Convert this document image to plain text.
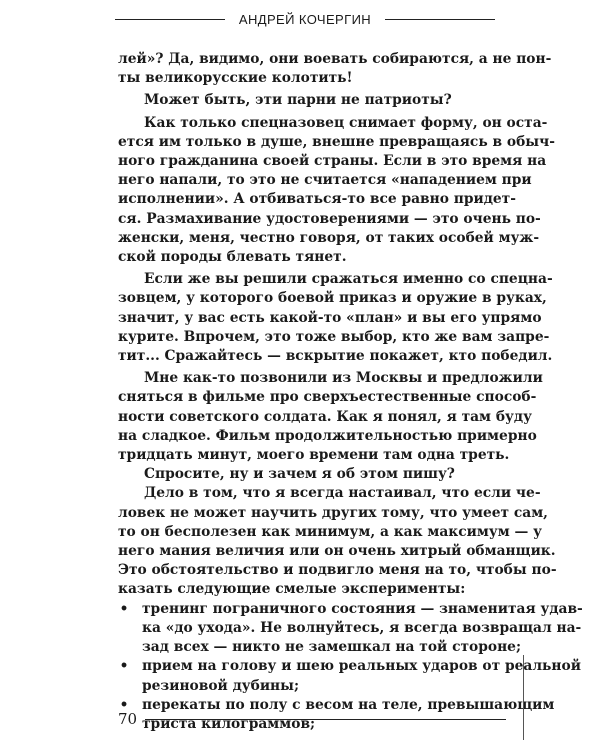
АНДРЕЙ КОЧЕРГИН
лей»? Да, видимо, они воевать собираются, а не пон-
ты великорусские колотить!
Может быть, эти парни не патриоты?
Как только спецназовец снимает форму, он оста-
ется им только в душе, внешне превращаясь в обыч-
ного гражданина своей страны. Если в это время на
него напали, то это не считается «нападением при
исполнении». А отбиваться-то все равно придет-
ся. Размахивание удостоверениями — это очень по-
женски, меня, честно говоря, от таких особей муж-
ской породы блевать тянет.
Если же вы решили сражаться именно со спецна-
зовцем, у которого боевой приказ и оружие в руках,
значит, у вас есть какой-то «план» и вы его упрямо
курите. Впрочем, это тоже выбор, кто же вам запре-
тит... Сражайтесь — вскрытие покажет, кто победил.
Мне как-то позвонили из Москвы и предложили
сняться в фильме про сверхъестественные способ-
ности советского солдата. Как я понял, я там буду
на сладкое. Фильм продолжительностью примерно
тридцать минут, моего времени там одна треть.
Спросите, ну и зачем я об этом пишу?
Дело в том, что я всегда настаивал, что если че-
ловек не может научить других тому, что умеет сам,
то он бесполезен как минимум, а как максимум — у
него мания величия или он очень хитрый обманщик.
Это обстоятельство и подвигло меня на то, чтобы по-
казать следующие смелые эксперименты:
• тренинг пограничного состояния — знаменитая удав-
ка «до ухода». Не волнуйтесь, я всегда возвращал на-
зад всех — никто не замешкал на той стороне;
• прием на голову и шею реальных ударов от реальной
резиновой дубины;
• перекаты по полу с весом на теле, превышающим
триста килограммов;
70
